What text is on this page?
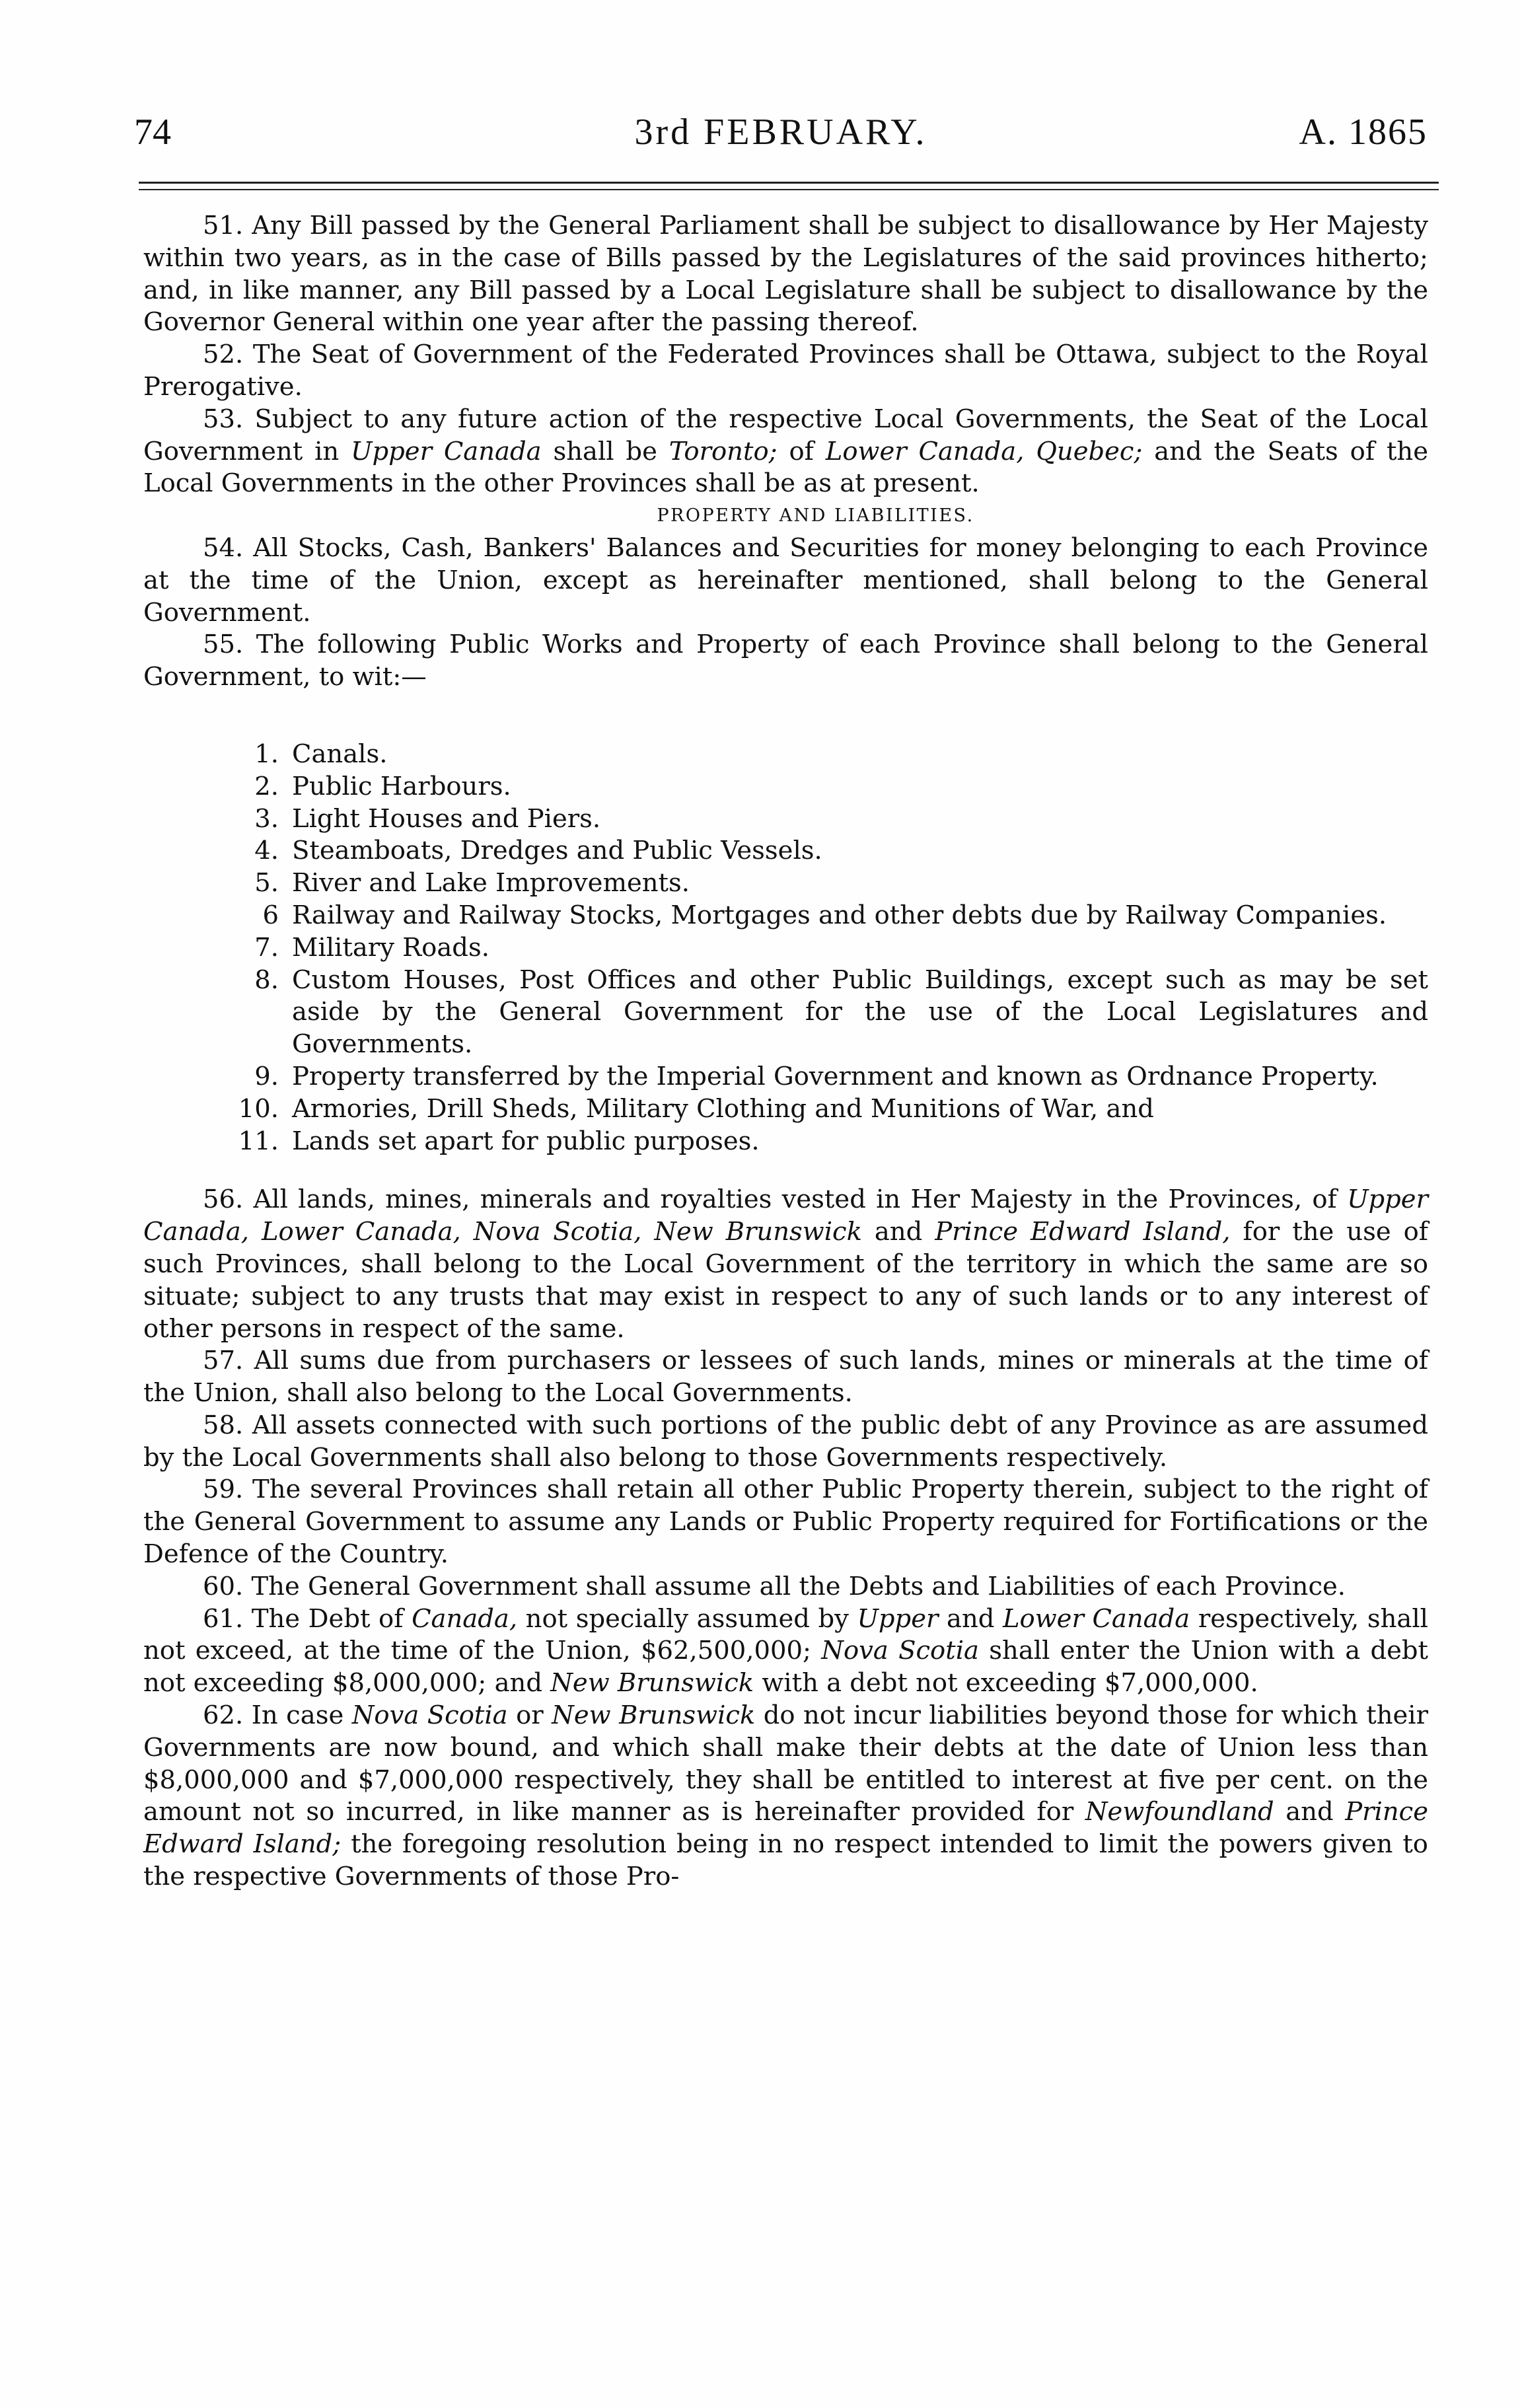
74	3rd FEBRUARY.	A. 1865

51. Any Bill passed by the General Parliament shall be subject to disallowance by Her Majesty within two years, as in the case of Bills passed by the Legislatures of the said provinces hitherto; and, in like manner, any Bill passed by a Local Legislature shall be subject to disallowance by the Governor General within one year after the passing thereof.

52. The Seat of Government of the Federated Provinces shall be Ottawa, subject to the Royal Prerogative.

53. Subject to any future action of the respective Local Governments, the Seat of the Local Government in Upper Canada shall be Toronto; of Lower Canada, Quebec; and the Seats of the Local Governments in the other Provinces shall be as at present.

PROPERTY AND LIABILITIES.

54. All Stocks, Cash, Bankers' Balances and Securities for money belonging to each Province at the time of the Union, except as hereinafter mentioned, shall belong to the General Government.

55. The following Public Works and Property of each Province shall belong to the General Government, to wit:—

1. Canals.
2. Public Harbours.
3. Light Houses and Piers.
4. Steamboats, Dredges and Public Vessels.
5. River and Lake Improvements.
6 Railway and Railway Stocks, Mortgages and other debts due by Railway Companies.
7. Military Roads.
8. Custom Houses, Post Offices and other Public Buildings, except such as may be set aside by the General Government for the use of the Local Legislatures and Governments.
9. Property transferred by the Imperial Government and known as Ordnance Property.
10. Armories, Drill Sheds, Military Clothing and Munitions of War, and
11. Lands set apart for public purposes.

56. All lands, mines, minerals and royalties vested in Her Majesty in the Provinces, of Upper Canada, Lower Canada, Nova Scotia, New Brunswick and Prince Edward Island, for the use of such Provinces, shall belong to the Local Government of the territory in which the same are so situate; subject to any trusts that may exist in respect to any of such lands or to any interest of other persons in respect of the same.

57. All sums due from purchasers or lessees of such lands, mines or minerals at the time of the Union, shall also belong to the Local Governments.

58. All assets connected with such portions of the public debt of any Province as are assumed by the Local Governments shall also belong to those Governments respectively.

59. The several Provinces shall retain all other Public Property therein, subject to the right of the General Government to assume any Lands or Public Property required for Fortifications or the Defence of the Country.

60. The General Government shall assume all the Debts and Liabilities of each Province.

61. The Debt of Canada, not specially assumed by Upper and Lower Canada respectively, shall not exceed, at the time of the Union, $62,500,000; Nova Scotia shall enter the Union with a debt not exceeding $8,000,000; and New Brunswick with a debt not exceeding $7,000,000.

62. In case Nova Scotia or New Brunswick do not incur liabilities beyond those for which their Governments are now bound, and which shall make their debts at the date of Union less than $8,000,000 and $7,000,000 respectively, they shall be entitled to interest at five per cent. on the amount not so incurred, in like manner as is hereinafter provided for Newfoundland and Prince Edward Island; the foregoing resolution being in no respect intended to limit the powers given to the respective Governments of those Pro-
